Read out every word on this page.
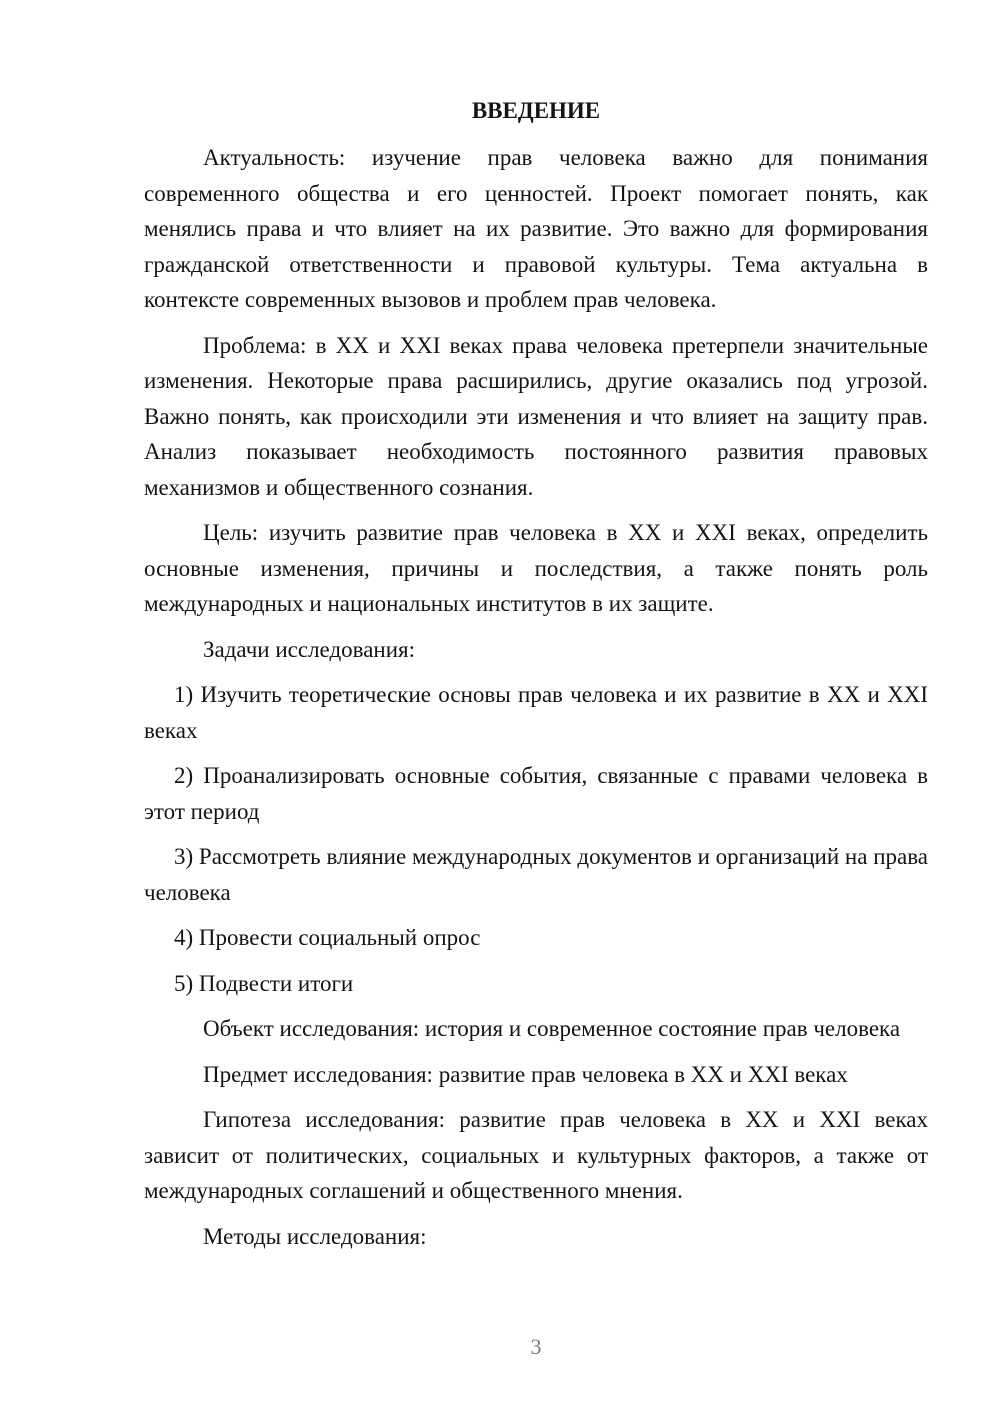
ВВЕДЕНИЕ

Актуальность: изучение прав человека важно для понимания современного общества и его ценностей. Проект помогает понять, как менялись права и что влияет на их развитие. Это важно для формирования гражданской ответственности и правовой культуры. Тема актуальна в контексте современных вызовов и проблем прав человека.

Проблема: в XX и XXI веках права человека претерпели значительные изменения. Некоторые права расширились, другие оказались под угрозой. Важно понять, как происходили эти изменения и что влияет на защиту прав. Анализ показывает необходимость постоянного развития правовых механизмов и общественного сознания.

Цель: изучить развитие прав человека в XX и XXI веках, определить основные изменения, причины и последствия, а также понять роль международных и национальных институтов в их защите.

Задачи исследования:

1) Изучить теоретические основы прав человека и их развитие в XX и XXI веках

2) Проанализировать основные события, связанные с правами человека в этот период

3) Рассмотреть влияние международных документов и организаций на права человека

4) Провести социальный опрос

5) Подвести итоги

Объект исследования: история и современное состояние прав человека

Предмет исследования: развитие прав человека в XX и XXI веках

Гипотеза исследования: развитие прав человека в XX и XXI веках зависит от политических, социальных и культурных факторов, а также от международных соглашений и общественного мнения.

Методы исследования:

3
